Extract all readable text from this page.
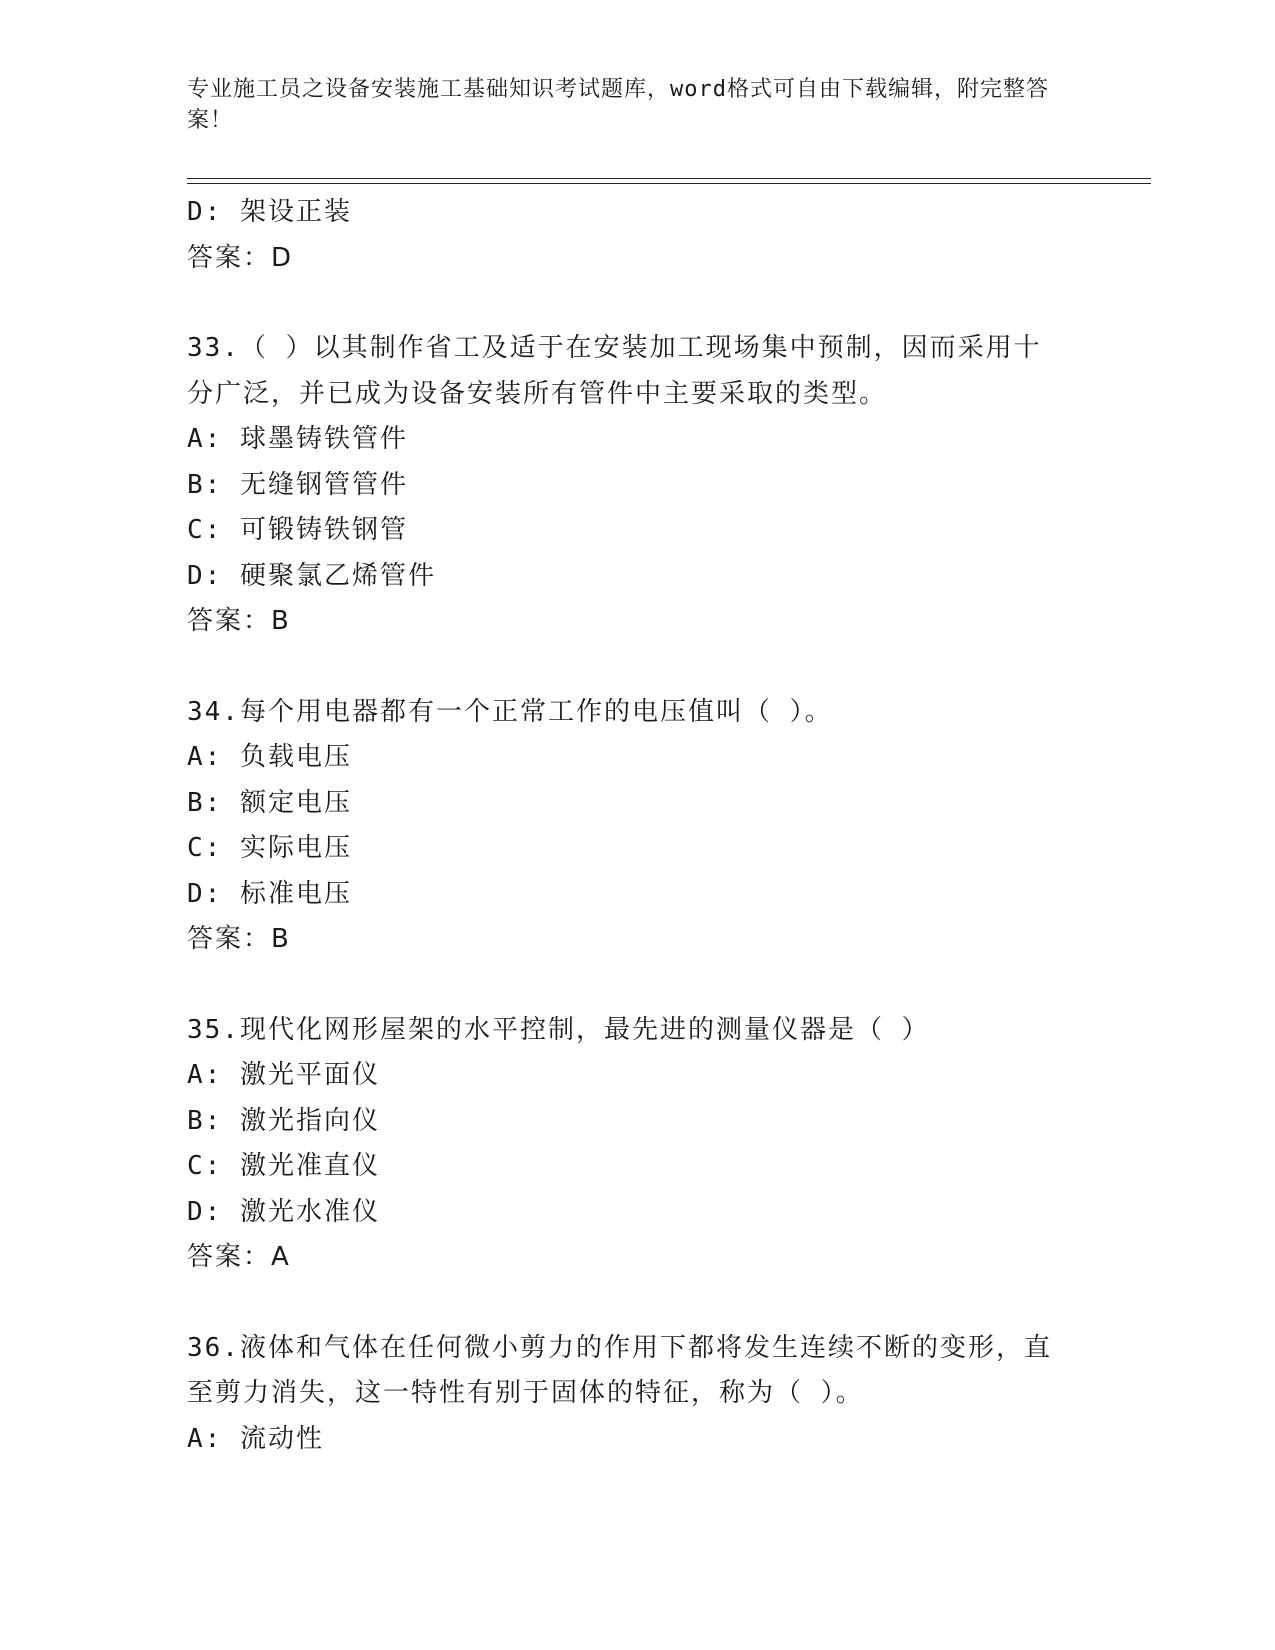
专业施工员之设备安装施工基础知识考试题库，word格式可自由下载编辑，附完整答案！
D: 架设正装
答案：D
33.（ ）以其制作省工及适于在安装加工现场集中预制，因而采用十分广泛，并已成为设备安装所有管件中主要采取的类型。
A: 球墨铸铁管件
B: 无缝钢管管件
C: 可锻铸铁钢管
D: 硬聚氯乙烯管件
答案：B
34.每个用电器都有一个正常工作的电压值叫（ ）。
A: 负载电压
B: 额定电压
C: 实际电压
D: 标准电压
答案：B
35.现代化网形屋架的水平控制，最先进的测量仪器是（ ）
A: 激光平面仪
B: 激光指向仪
C: 激光准直仪
D: 激光水准仪
答案：A
36.液体和气体在任何微小剪力的作用下都将发生连续不断的变形，直至剪力消失，这一特性有别于固体的特征，称为（ ）。
A: 流动性
